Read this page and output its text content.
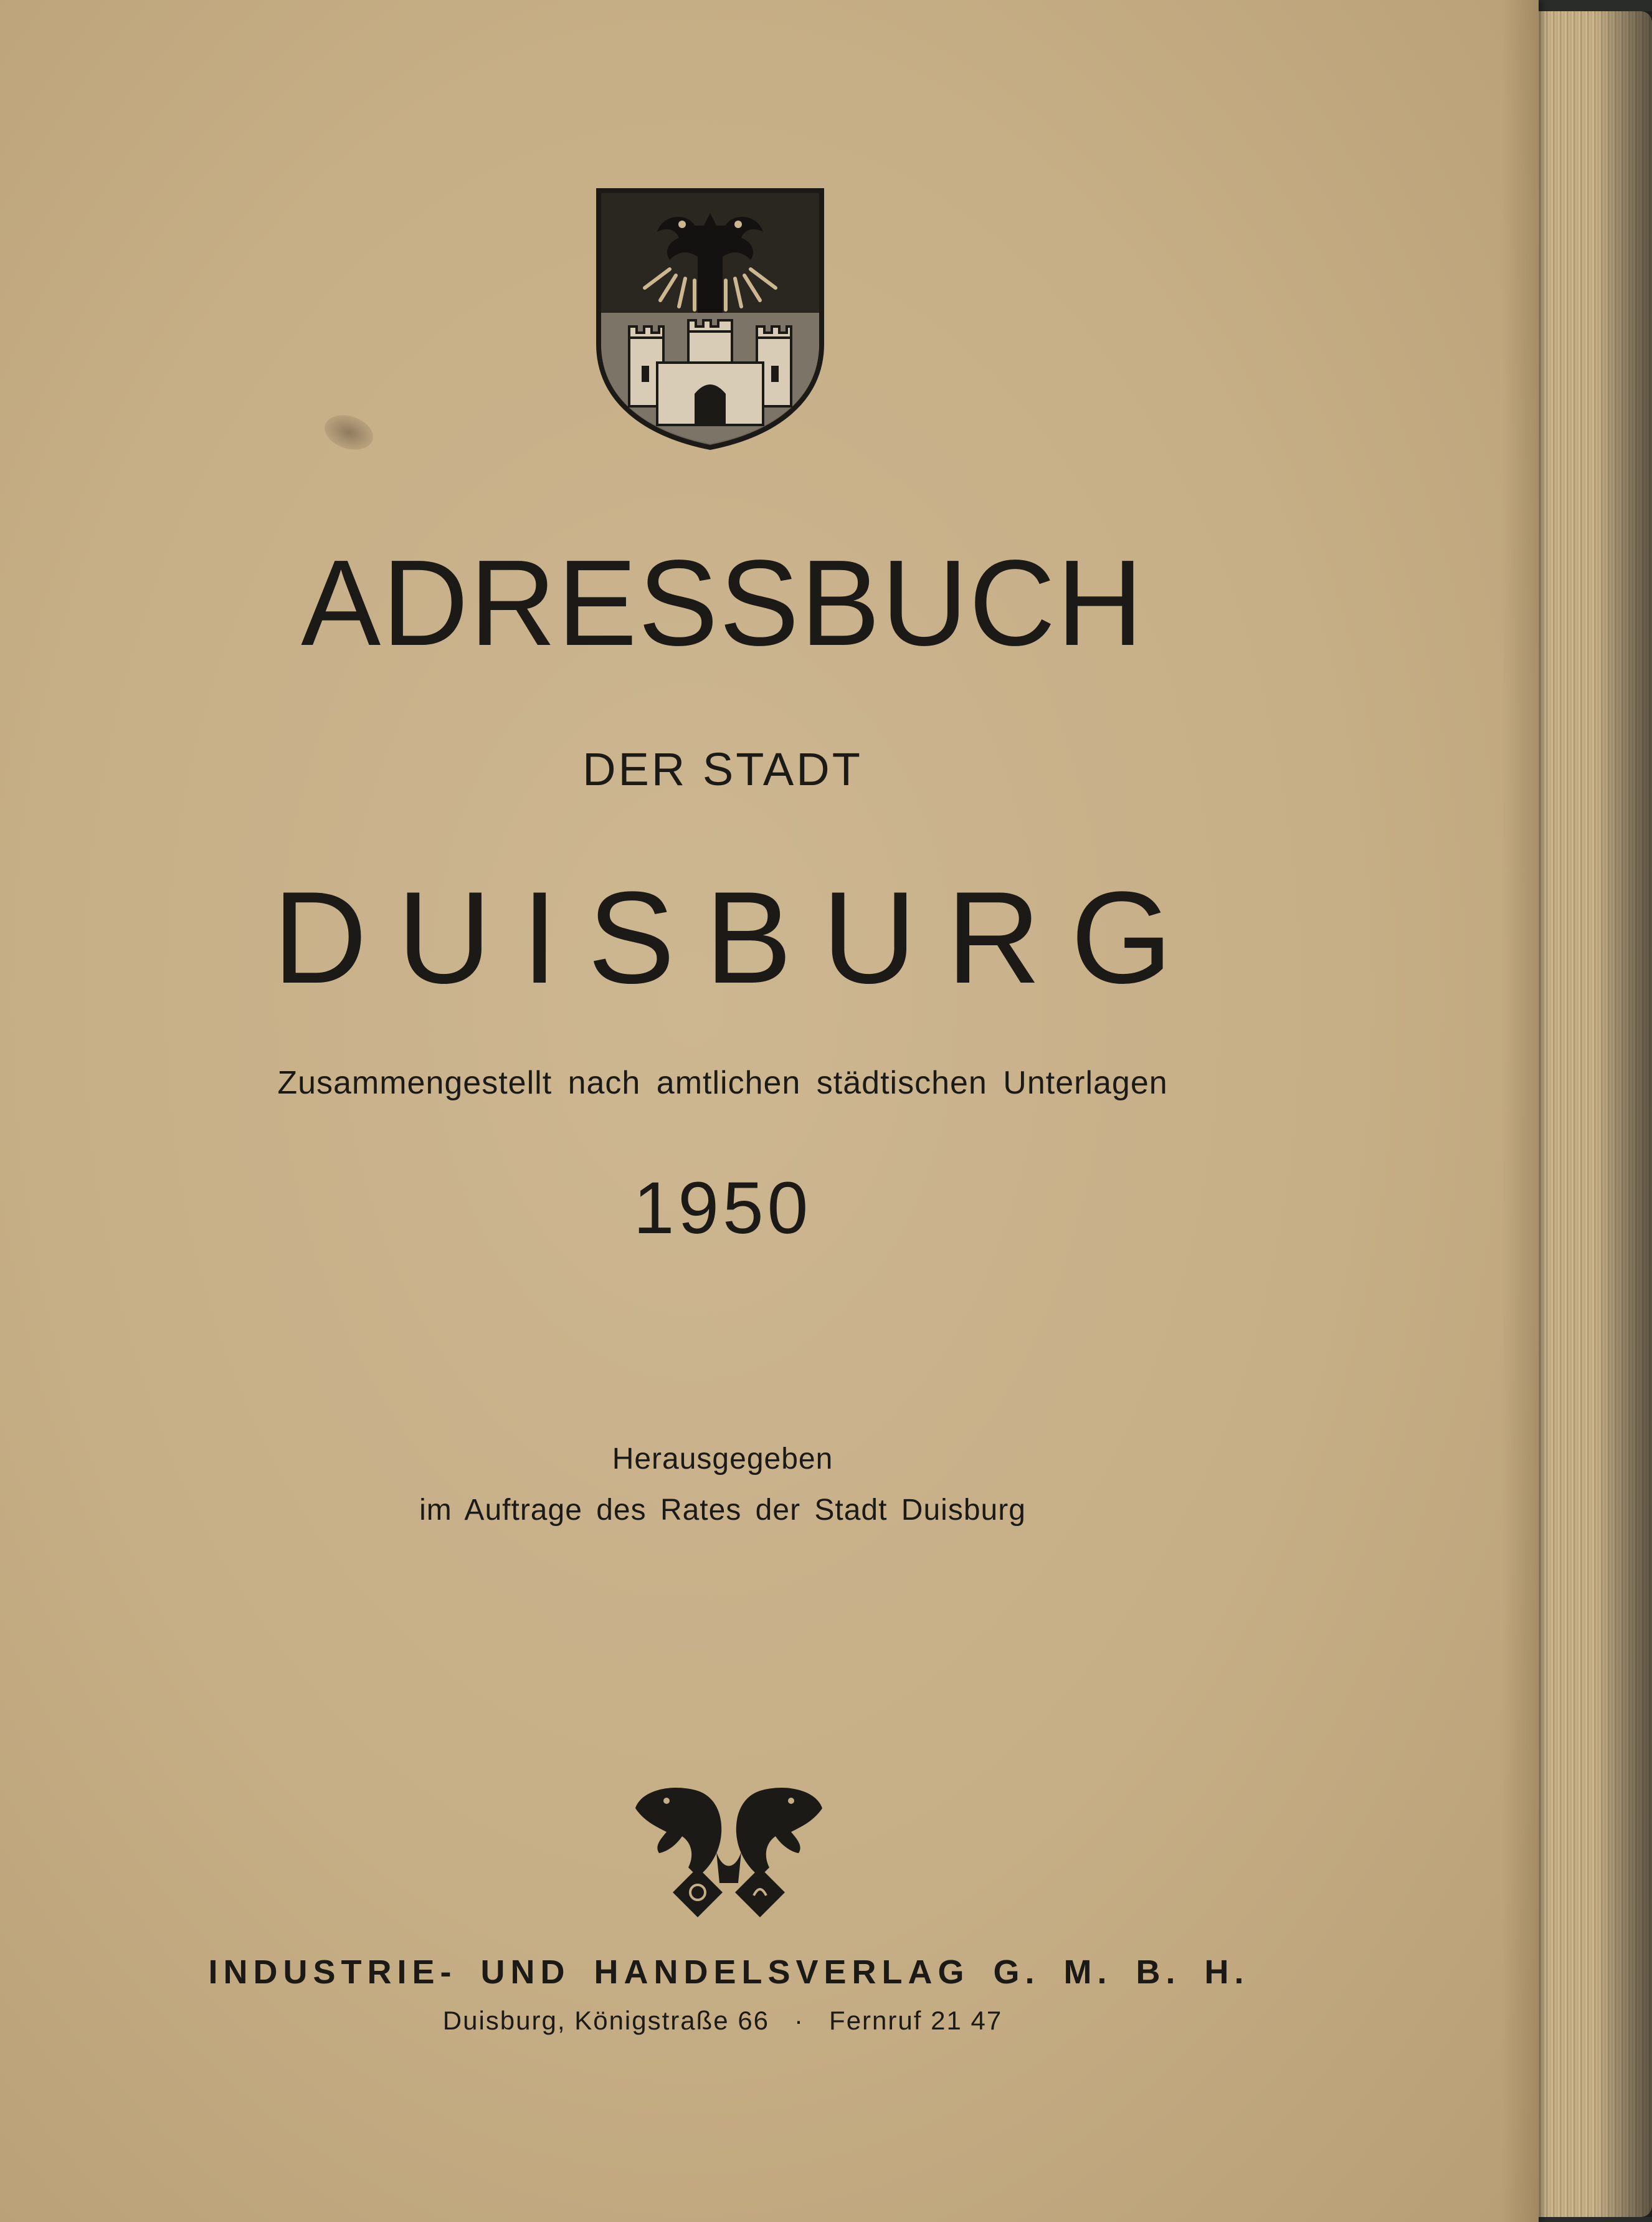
ADRESSBUCH
DER STADT
DUISBURG
Zusammengestellt nach amtlichen städtischen Unterlagen
1950
Herausgegeben
im Auftrage des Rates der Stadt Duisburg
INDUSTRIE- UND HANDELSVERLAG G. M. B. H.
Duisburg, Königstraße 66 · Fernruf 21 47
